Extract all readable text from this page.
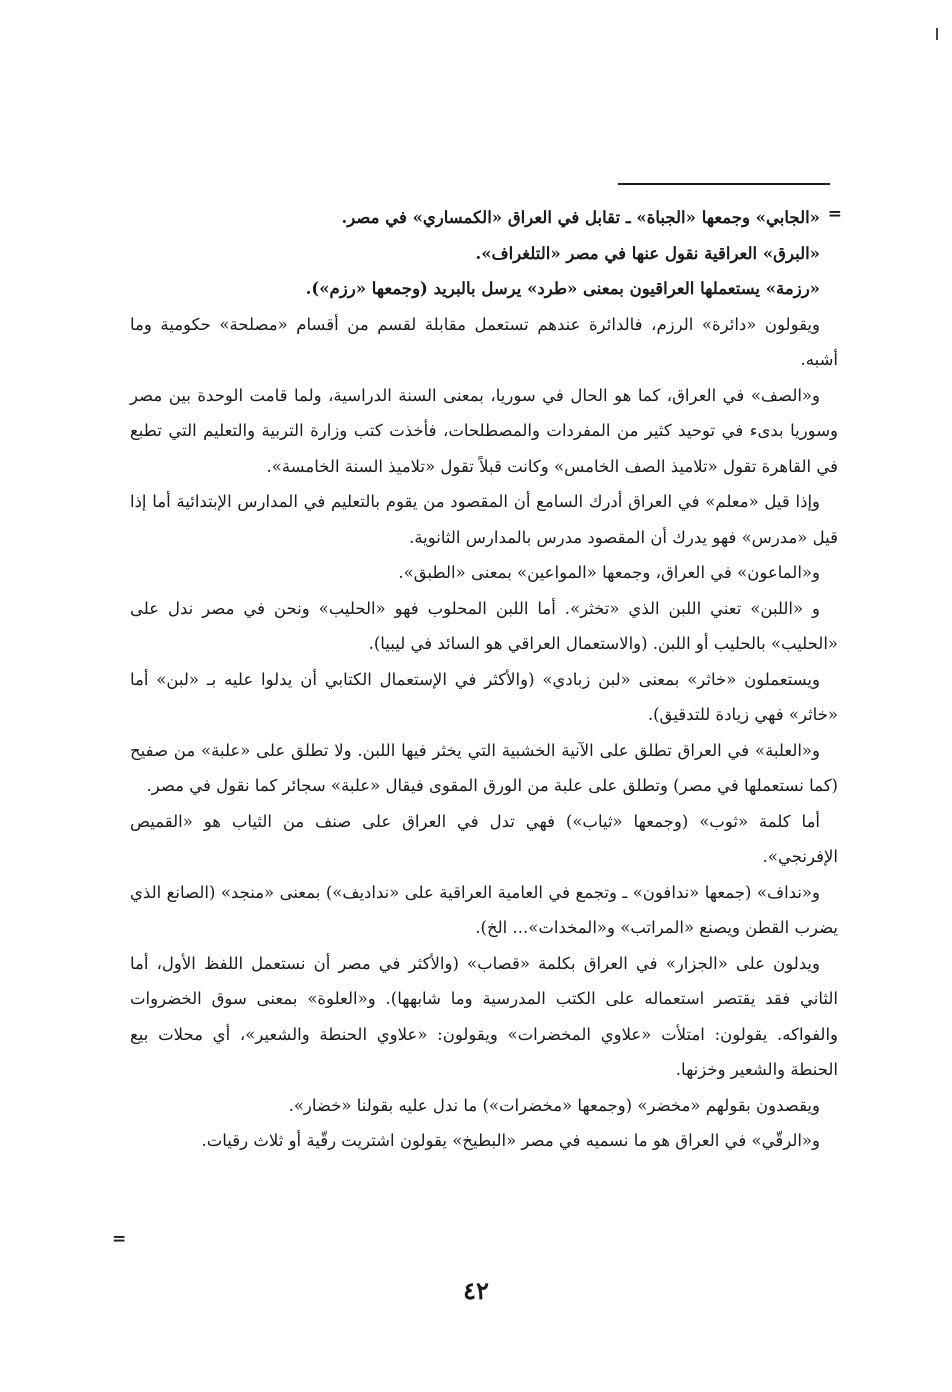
=

«الجابي» وجمعها «الجباة» ـ تقابل في العراق «الكمساري» في مصر.

«البرق» العراقية نقول عنها في مصر «التلغراف».

«رزمة» يستعملها العراقيون بمعنى «طرد» يرسل بالبريد (وجمعها «رزم»).

ويقولون «دائرة» الرزم، فالدائرة عندهم تستعمل مقابلة لقسم من أقسام «مصلحة» حكومية وما أشبه.

و«الصف» في العراق، كما هو الحال في سوريا، بمعنى السنة الدراسية، ولما قامت الوحدة بين مصر وسوريا بدىء في توحيد كثير من المفردات والمصطلحات، فأخذت كتب وزارة التربية والتعليم التي تطبع في القاهرة تقول «تلاميذ الصف الخامس» وكانت قبلاً تقول «تلاميذ السنة الخامسة».

وإذا قيل «معلم» في العراق أدرك السامع أن المقصود من يقوم بالتعليم في المدارس الإبتدائية أما إذا قيل «مدرس» فهو يدرك أن المقصود مدرس بالمدارس الثانوية.

و«الماعون» في العراق، وجمعها «المواعين» بمعنى «الطبق».

و «اللبن» تعني اللبن الذي «تخثر». أما اللبن المحلوب فهو «الحليب» ونحن في مصر ندل على «الحليب» بالحليب أو اللبن. (والاستعمال العراقي هو السائد في ليبيا).

ويستعملون «خاثر» بمعنى «لبن زبادي» (والأكثر في الإستعمال الكتابي أن يدلوا عليه بـ «لبن» أما «خاثر» فهي زيادة للتدقيق).

و«العلبة» في العراق تطلق على الآنية الخشبية التي يخثر فيها اللبن. ولا تطلق على «علبة» من صفيح (كما نستعملها في مصر) وتطلق على علبة من الورق المقوى فيقال «علبة» سجائر كما نقول في مصر.

أما كلمة «ثوب» (وجمعها «ثياب») فهي تدل في العراق على صنف من الثياب هو «القميص الإفرنجي».

و«نداف» (جمعها «ندافون» ـ وتجمع في العامية العراقية على «نداديف») بمعنى «منجد» (الصانع الذي يضرب القطن ويصنع «المراتب» و«المخدات»... الخ).

ويدلون على «الجزار» في العراق بكلمة «قصاب» (والأكثر في مصر أن نستعمل اللفظ الأول، أما الثاني فقد يقتصر استعماله على الكتب المدرسية وما شابهها). و«العلوة» بمعنى سوق الخضروات والفواكه. يقولون: امتلأت «علاوي المخضرات» ويقولون: «علاوي الحنطة والشعير»، أي محلات بيع الحنطة والشعير وخزنها.

ويقصدون بقولهم «مخضر» (وجمعها «مخضرات») ما ندل عليه بقولنا «خضار».

و«الرقّي» في العراق هو ما نسميه في مصر «البطيخ» يقولون اشتريت رقّية أو ثلاث رقيات.

=
٤٢
